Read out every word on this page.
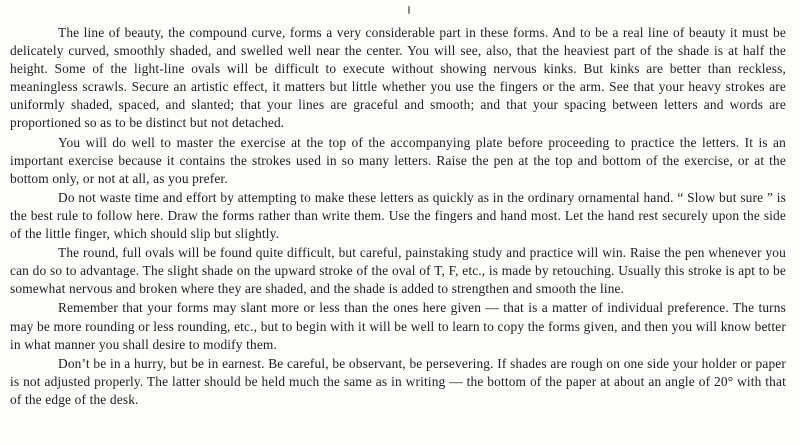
The line of beauty, the compound curve, forms a very considerable part in these forms. And to be a real line of beauty it must be delicately curved, smoothly shaded, and swelled well near the center. You will see, also, that the heaviest part of the shade is at half the height. Some of the light-line ovals will be difficult to execute without showing nervous kinks. But kinks are better than reckless, meaningless scrawls. Secure an artistic effect, it matters but little whether you use the fingers or the arm. See that your heavy strokes are uniformly shaded, spaced, and slanted; that your lines are graceful and smooth; and that your spacing between letters and words are proportioned so as to be distinct but not detached.

You will do well to master the exercise at the top of the accompanying plate before proceeding to practice the letters. It is an important exercise because it contains the strokes used in so many letters. Raise the pen at the top and bottom of the exercise, or at the bottom only, or not at all, as you prefer.

Do not waste time and effort by attempting to make these letters as quickly as in the ordinary ornamental hand. “ Slow but sure ” is the best rule to follow here. Draw the forms rather than write them. Use the fingers and hand most. Let the hand rest securely upon the side of the little finger, which should slip but slightly.

The round, full ovals will be found quite difficult, but careful, painstaking study and practice will win. Raise the pen whenever you can do so to advantage. The slight shade on the upward stroke of the oval of T, F, etc., is made by retouching. Usually this stroke is apt to be somewhat nervous and broken where they are shaded, and the shade is added to strengthen and smooth the line.

Remember that your forms may slant more or less than the ones here given — that is a matter of individual preference. The turns may be more rounding or less rounding, etc., but to begin with it will be well to learn to copy the forms given, and then you will know better in what manner you shall desire to modify them.

Don’t be in a hurry, but be in earnest. Be careful, be observant, be persevering. If shades are rough on one side your holder or paper is not adjusted properly. The latter should be held much the same as in writing — the bottom of the paper at about an angle of 20° with that of the edge of the desk.
